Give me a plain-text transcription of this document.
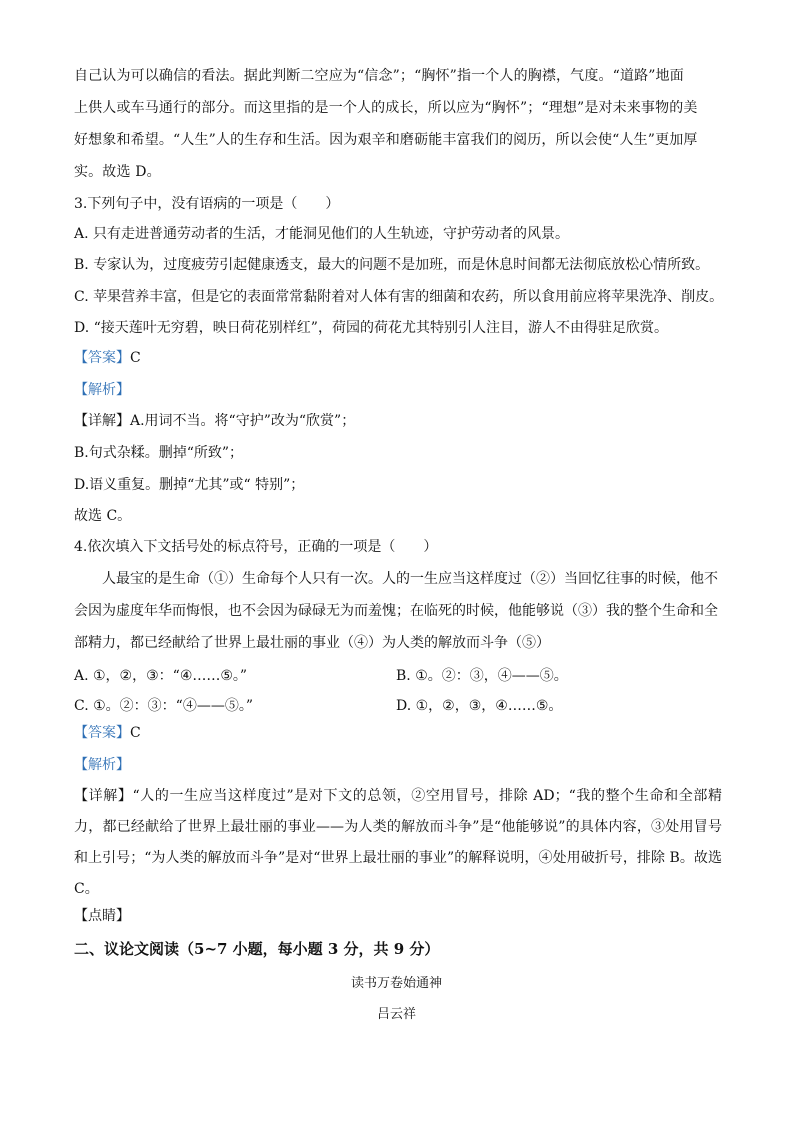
自己认为可以确信的看法。据此判断二空应为“信念”；“胸怀”指一个人的胸襟，气度。“道路”地面
上供人或车马通行的部分。而这里指的是一个人的成长，所以应为“胸怀”；“理想”是对未来事物的美
好想象和希望。“人生”人的生存和生活。因为艰辛和磨砺能丰富我们的阅历，所以会使“人生”更加厚
实。故选 D。
3.下列句子中，没有语病的一项是（　　）
A. 只有走进普通劳动者的生活，才能洞见他们的人生轨迹，守护劳动者的风景。
B. 专家认为，过度疲劳引起健康透支，最大的问题不是加班，而是休息时间都无法彻底放松心情所致。
C. 苹果营养丰富，但是它的表面常常黏附着对人体有害的细菌和农药，所以食用前应将苹果洗净、削皮。
D. “接天莲叶无穷碧，映日荷花别样红”，荷园的荷花尤其特别引人注目，游人不由得驻足欣赏。
【答案】C
【解析】
【详解】A.用词不当。将“守护”改为“欣赏”；
B.句式杂糅。删掉“所致”；
D.语义重复。删掉“尤其”或“ 特别”；
故选 C。
4.依次填入下文括号处的标点符号，正确的一项是（　　）
人最宝的是生命（①）生命每个人只有一次。人的一生应当这样度过（②）当回忆往事的时候，他不
会因为虚度年华而悔恨，也不会因为碌碌无为而羞愧；在临死的时候，他能够说（③）我的整个生命和全
部精力，都已经献给了世界上最壮丽的事业（④）为人类的解放而斗争（⑤）
A. ①，②，③：“④……⑤。”	B. ①。②：③，④——⑤。
C. ①。②：③：“④——⑤。”	D. ①，②，③，④……⑤。
【答案】C
【解析】
【详解】“人的一生应当这样度过”是对下文的总领，②空用冒号，排除 AD；“我的整个生命和全部精力，都已经献给了世界上最壮丽的事业——为人类的解放而斗争”是“他能够说”的具体内容，③处用冒号和上引号；“为人类的解放而斗争”是对“世界上最壮丽的事业”的解释说明，④处用破折号，排除 B。故选 C。
【点睛】
二、议论文阅读（5~7 小题，每小题 3 分，共 9 分）
读书万卷始通神
吕云祥
